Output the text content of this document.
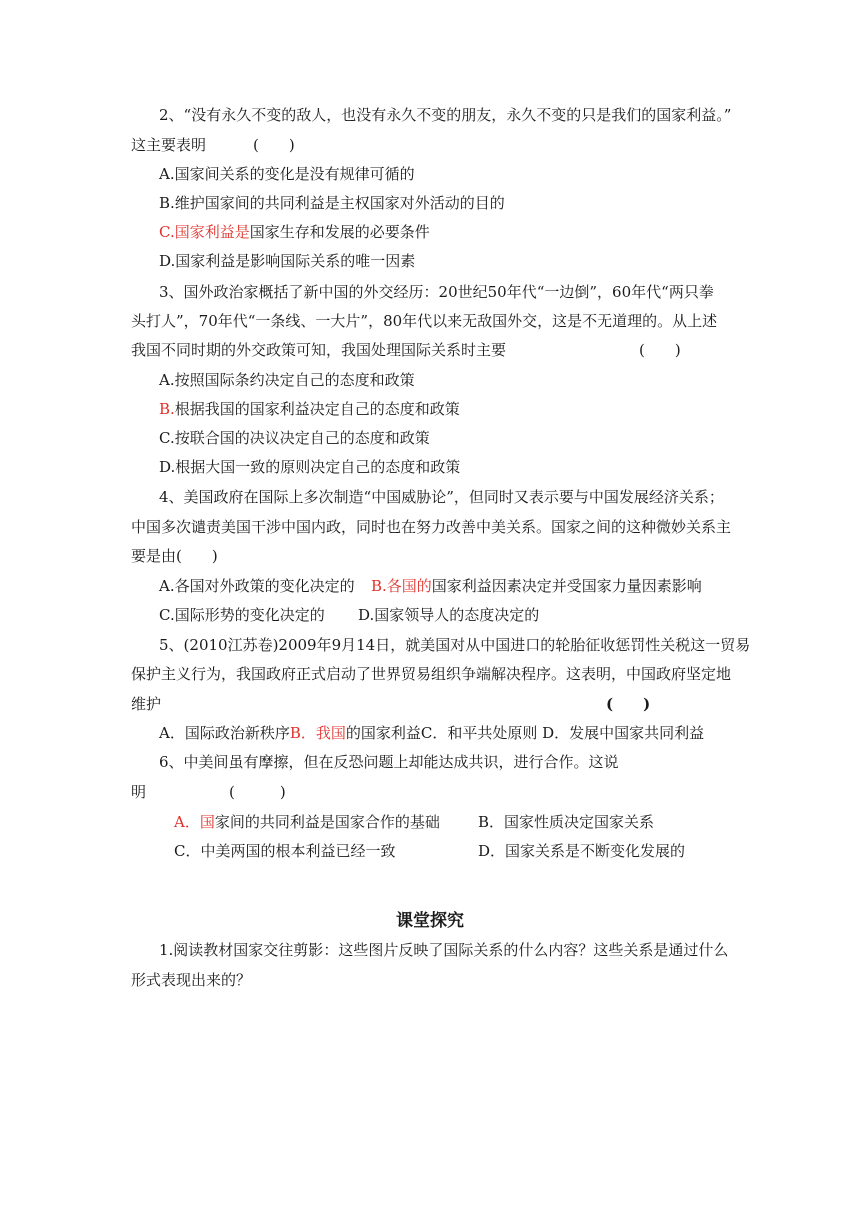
2、“没有永久不变的敌人，也没有永久不变的朋友，永久不变的只是我们的国家利益。”
这主要表明	(　　)
A.国家间关系的变化是没有规律可循的
B.维护国家间的共同利益是主权国家对外活动的目的
C.国家利益是国家生存和发展的必要条件
D.国家利益是影响国际关系的唯一因素
3、国外政治家概括了新中国的外交经历：20世纪50年代“一边倒”，60年代“两只拳
头打人”，70年代“一条线、一大片”，80年代以来无敌国外交，这是不无道理的。从上述
我国不同时期的外交政策可知，我国处理国际关系时主要	(　　)
A.按照国际条约决定自己的态度和政策
B.根据我国的国家利益决定自己的态度和政策
C.按联合国的决议决定自己的态度和政策
D.根据大国一致的原则决定自己的态度和政策
4、美国政府在国际上多次制造“中国威胁论”，但同时又表示要与中国发展经济关系；
中国多次谴责美国干涉中国内政，同时也在努力改善中美关系。国家之间的这种微妙关系主
要是由(　　)
A.各国对外政策的变化决定的 B.各国的国家利益因素决定并受国家力量因素影响
C.国际形势的变化决定的 D.国家领导人的态度决定的
5、(2010江苏卷)2009年9月14日，就美国对从中国进口的轮胎征收惩罚性关税这一贸易
保护主义行为，我国政府正式启动了世界贸易组织争端解决程序。这表明，中国政府坚定地
维护	(　　)
A．国际政治新秩序B．我国的国家利益C．和平共处原则 D．发展中国家共同利益
6、中美间虽有摩擦，但在反恐问题上却能达成共识，进行合作。这说
明	(　　　)
A．国家间的共同利益是国家合作的基础	B．国家性质决定国家关系
C．中美两国的根本利益已经一致	D．国家关系是不断变化发展的
课堂探究
1.阅读教材国家交往剪影：这些图片反映了国际关系的什么内容？这些关系是通过什么
形式表现出来的？
